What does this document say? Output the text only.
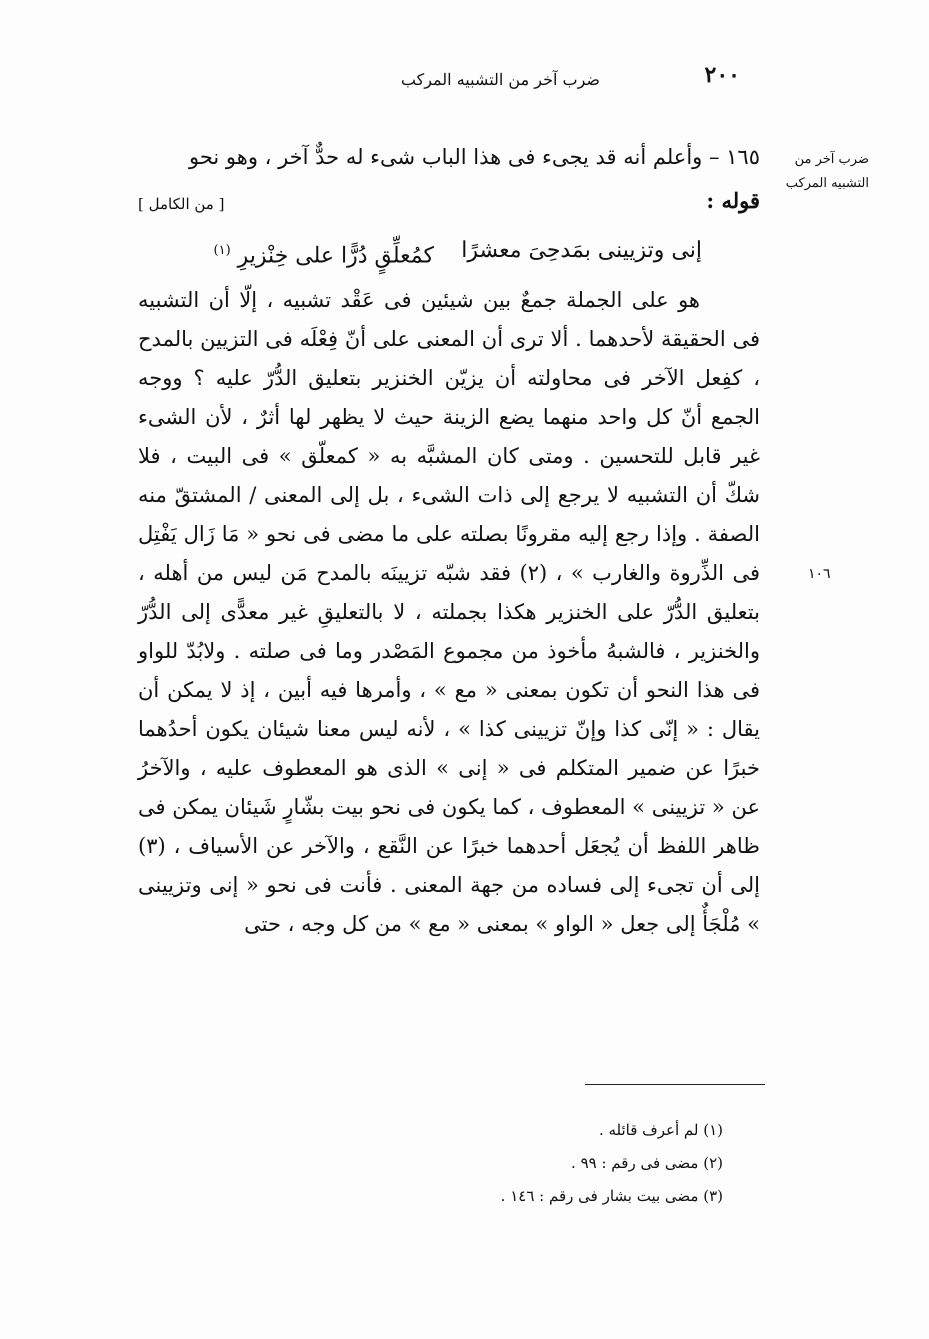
٢٠٠
ضرب آخر من التشبيه المركب
ضرب آخر من التشبيه المركب
١٠٦
١٦٥ – وأعلم أنه قد يجىء فى هذا الباب شىء له حدٌّ آخر ، وهو نحو
قوله :
[ من الكامل ]
إنى وتزيينى بمَدحِىَ معشرًا
كمُعلِّقٍ دُرًّا على خِنْزيرِ $^{(١)}$

هو على الجملة جمعٌ بين شيئين فى عَقْد تشبيه ، إلّا أن التشبيه فى الحقيقة لأحدهما . ألا ترى أن المعنى على أنّ فِعْلَه فى التزيين بالمدح ، كفِعل الآخر فى محاولته أن يزيّن الخنزير بتعليق الدُّرّ عليه ؟ ووجه الجمع أنّ كل واحد منهما يضع الزينة حيث لا يظهر لها أثرٌ ، لأن الشىء غير قابل للتحسين . ومتى كان المشبَّه به « كمعلّق » فى البيت ، فلا شكّ أن التشبيه لا يرجع إلى ذات الشىء ، بل إلى المعنى / المشتقّ منه الصفة . وإذا رجع إليه مقرونًا بصلته على ما مضى فى نحو « مَا زَال يَفْتِل فى الذِّروة والغارب » ، (٢) فقد شبّه تزيينَه بالمدح مَن ليس من أهله ، بتعليق الدُّرّ على الخنزير هكذا بجملته ، لا بالتعليقِ غير معدًّى إلى الدُّرّ والخنزير ، فالشبهُ مأخوذ من مجموع المَصْدر وما فى صلته . ولابُدّ للواو فى هذا النحو أن تكون بمعنى « مع » ، وأمرها فيه أبين ، إذ لا يمكن أن يقال : « إنّى كذا وإنّ تزيينى كذا » ، لأنه ليس معنا شيئان يكون أحدُهما خبرًا عن ضمير المتكلم فى « إنى » الذى هو المعطوف عليه ، والآخرُ عن « تزيينى » المعطوف ، كما يكون فى نحو بيت بشّارٍ شَيئان يمكن فى ظاهر اللفظ أن يُجعَل أحدهما خبرًا عن النَّقع ، والآخر عن الأسياف ، (٣) إلى أن تجىء إلى فساده من جهة المعنى . فأنت فى نحو « إنى وتزيينى » مُلْجَأٌ إلى جعل « الواو » بمعنى « مع » من كل وجه ، حتى

(١) لم أعرف قائله .
(٢) مضى فى رقم : ٩٩ .
(٣) مضى بيت بشار فى رقم : ١٤٦ .
